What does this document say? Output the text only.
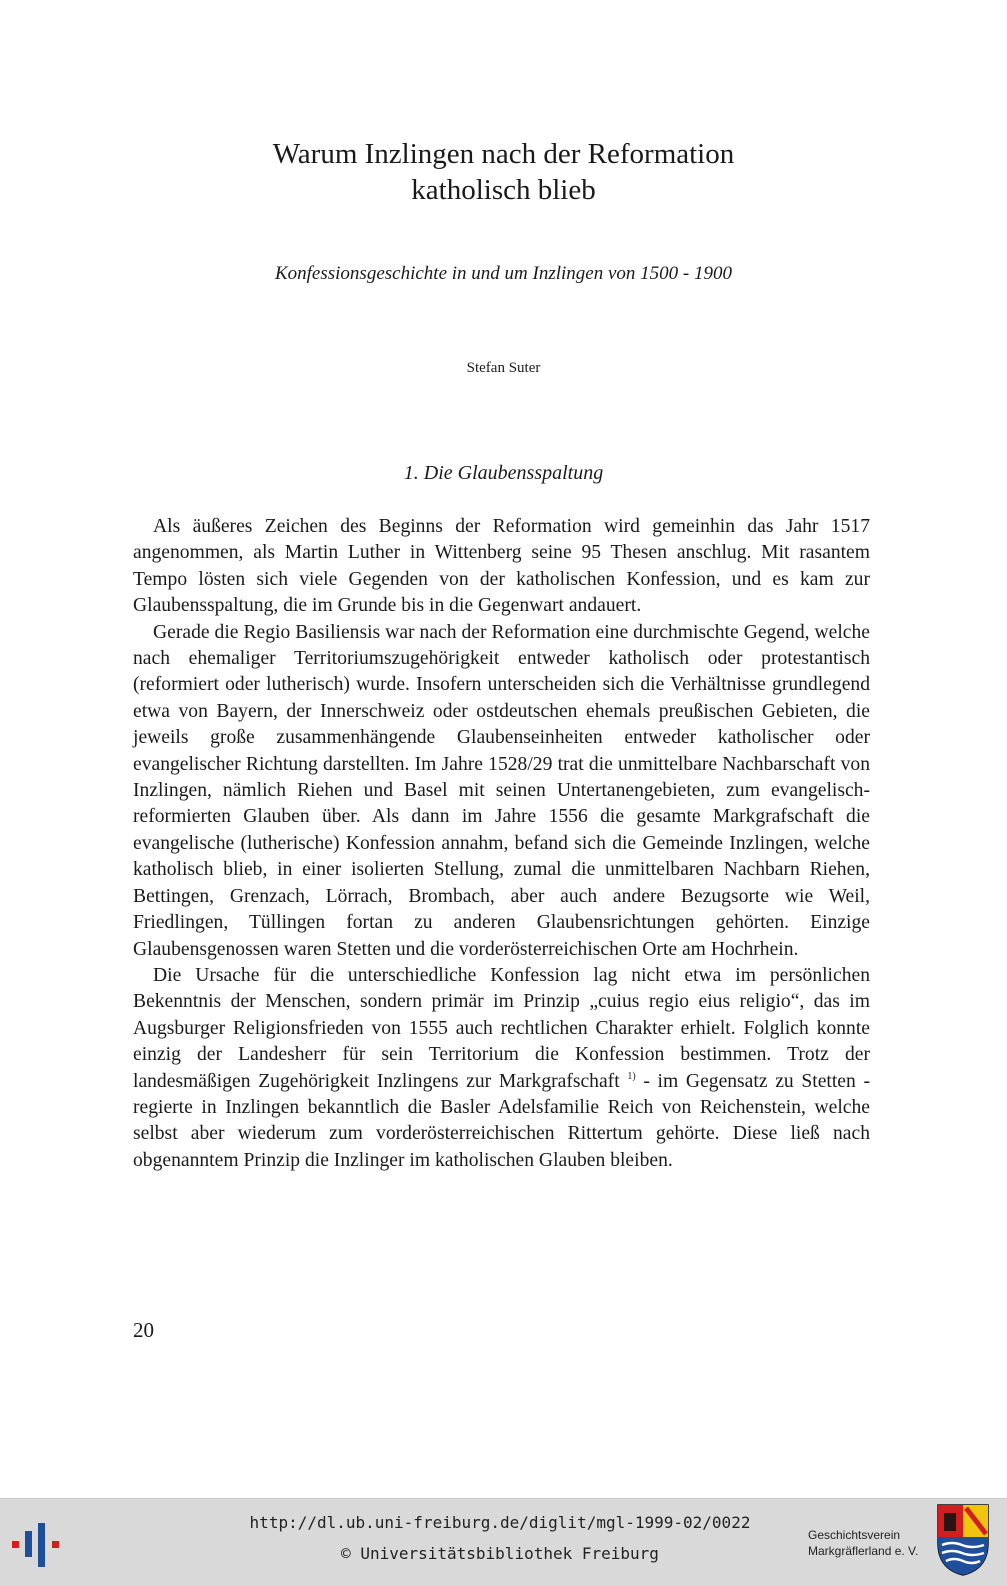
Warum Inzlingen nach der Reformation
katholisch blieb
Konfessionsgeschichte in und um Inzlingen von 1500 - 1900
Stefan Suter
1. Die Glaubensspaltung

Als äußeres Zeichen des Beginns der Reformation wird gemeinhin das Jahr 1517 angenommen, als Martin Luther in Wittenberg seine 95 Thesen anschlug. Mit rasantem Tempo lösten sich viele Gegenden von der katholischen Konfession, und es kam zur Glaubensspaltung, die im Grunde bis in die Gegenwart andauert.

Gerade die Regio Basiliensis war nach der Reformation eine durchmischte Gegend, welche nach ehemaliger Territoriumszugehörigkeit entweder katholisch oder protestantisch (reformiert oder lutherisch) wurde. Insofern unterscheiden sich die Verhältnisse grundlegend etwa von Bayern, der Innerschweiz oder ostdeutschen ehemals preußischen Gebieten, die jeweils große zusammenhängende Glaubenseinheiten entweder katholischer oder evangelischer Richtung darstellten. Im Jahre 1528/29 trat die unmittelbare Nachbarschaft von Inzlingen, nämlich Riehen und Basel mit seinen Untertanengebieten, zum evangelisch-reformierten Glauben über. Als dann im Jahre 1556 die gesamte Markgrafschaft die evangelische (lutherische) Konfession annahm, befand sich die Gemeinde Inzlingen, welche katholisch blieb, in einer isolierten Stellung, zumal die unmittelbaren Nachbarn Riehen, Bettingen, Grenzach, Lörrach, Brombach, aber auch andere Bezugsorte wie Weil, Friedlingen, Tüllingen fortan zu anderen Glaubensrichtungen gehörten. Einzige Glaubensgenossen waren Stetten und die vorderösterreichischen Orte am Hochrhein.

Die Ursache für die unterschiedliche Konfession lag nicht etwa im persönlichen Bekenntnis der Menschen, sondern primär im Prinzip „cuius regio eius religio“, das im Augsburger Religionsfrieden von 1555 auch rechtlichen Charakter erhielt. Folglich konnte einzig der Landesherr für sein Territorium die Konfession bestimmen. Trotz der landesmäßigen Zugehörigkeit Inzlingens zur Markgrafschaft $^{1)}$ - im Gegensatz zu Stetten - regierte in Inzlingen bekanntlich die Basler Adelsfamilie Reich von Reichenstein, welche selbst aber wiederum zum vorderösterreichischen Rittertum gehörte. Diese ließ nach obgenanntem Prinzip die Inzlinger im katholischen Glauben bleiben.

20
http://dl.ub.uni-freiburg.de/diglit/mgl-1999-02/0022
© Universitätsbibliothek Freiburg
Geschichtsverein
Markgräflerland e. V.
